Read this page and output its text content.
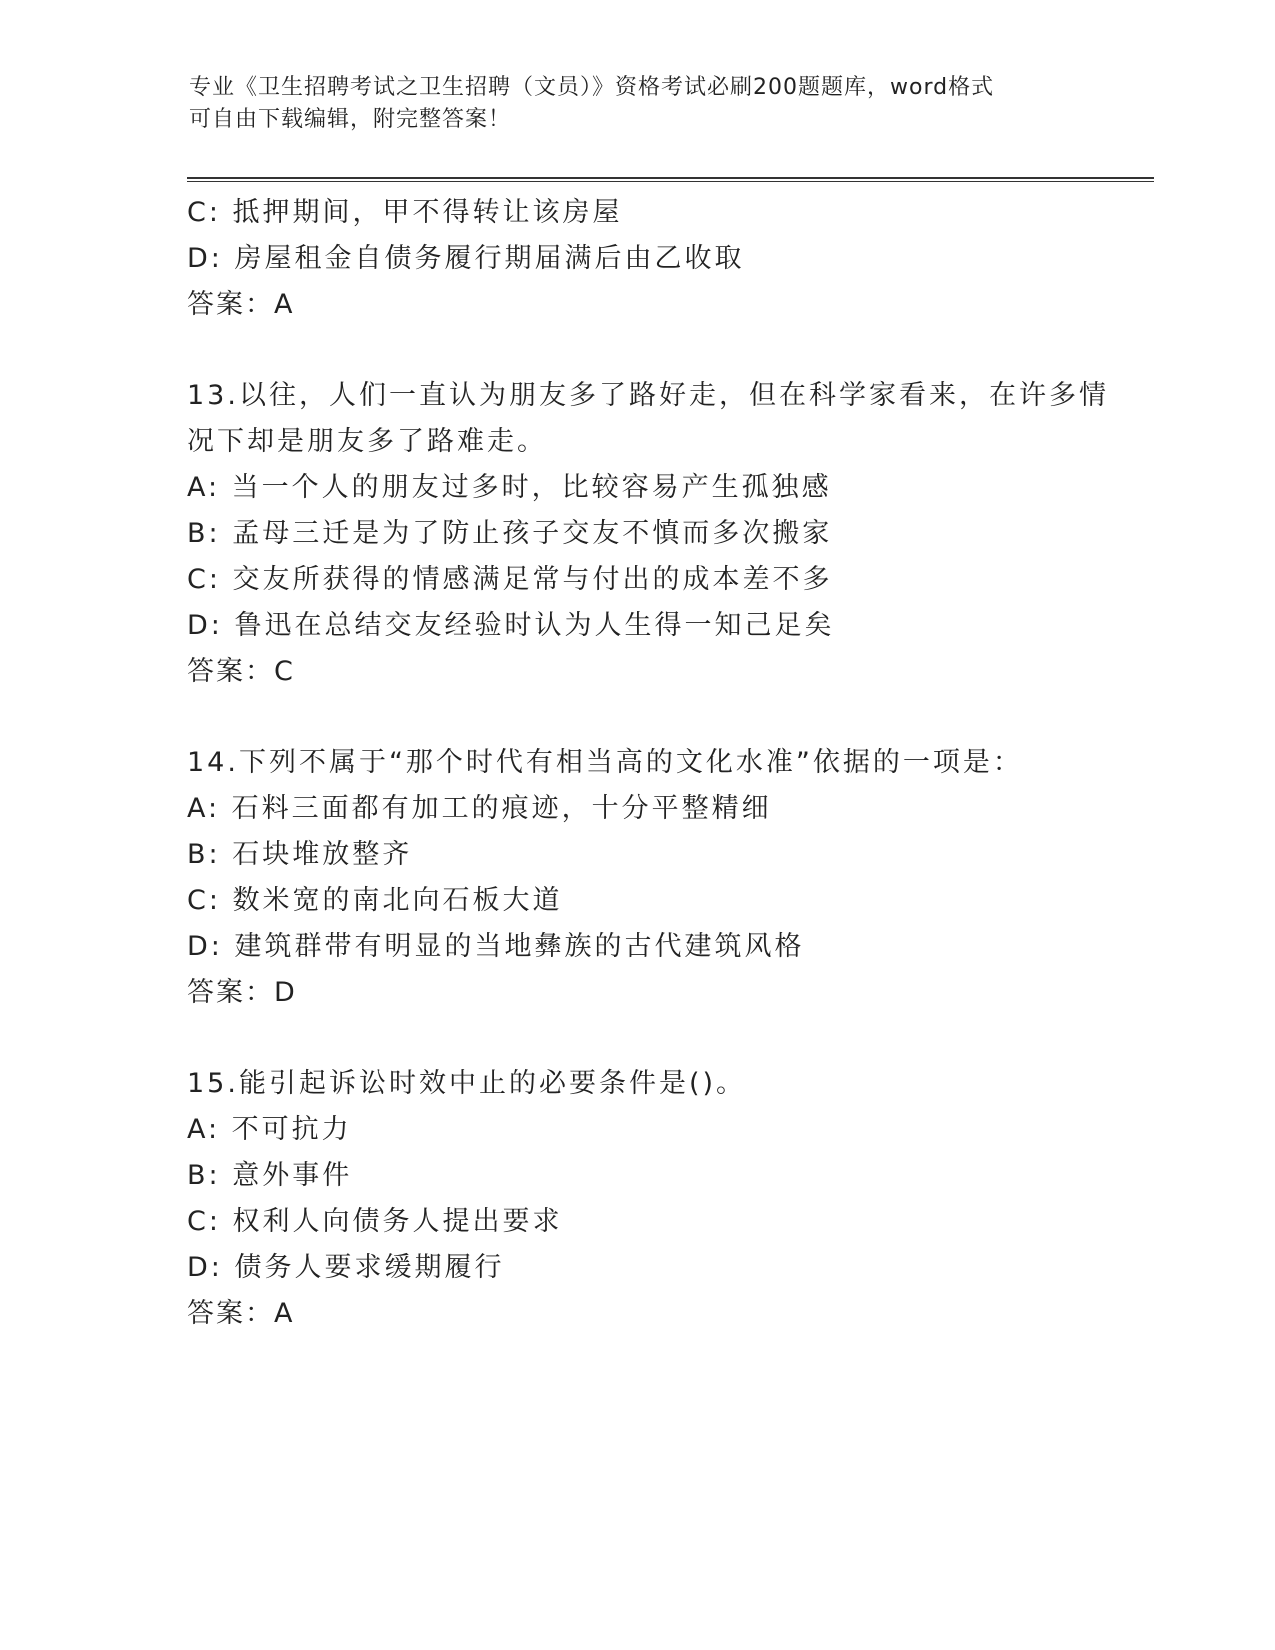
专业《卫生招聘考试之卫生招聘（文员）》资格考试必刷200题题库，word格式
可自由下载编辑，附完整答案！
C: 抵押期间，甲不得转让该房屋
D: 房屋租金自债务履行期届满后由乙收取
答案：A
13.以往，人们一直认为朋友多了路好走，但在科学家看来，在许多情
况下却是朋友多了路难走。
A: 当一个人的朋友过多时，比较容易产生孤独感
B: 孟母三迁是为了防止孩子交友不慎而多次搬家
C: 交友所获得的情感满足常与付出的成本差不多
D: 鲁迅在总结交友经验时认为人生得一知己足矣
答案：C
14.下列不属于“那个时代有相当高的文化水准”依据的一项是：
A: 石料三面都有加工的痕迹，十分平整精细
B: 石块堆放整齐
C: 数米宽的南北向石板大道
D: 建筑群带有明显的当地彝族的古代建筑风格
答案：D
15.能引起诉讼时效中止的必要条件是()。
A: 不可抗力
B: 意外事件
C: 权利人向债务人提出要求
D: 债务人要求缓期履行
答案：A
